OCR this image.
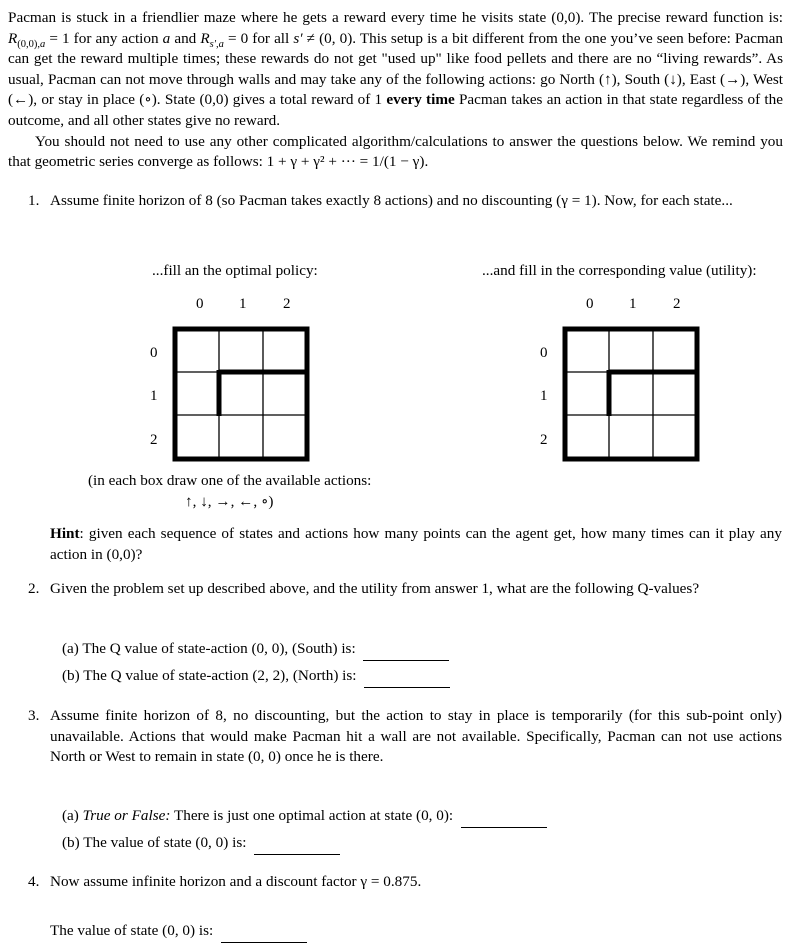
Pacman is stuck in a friendlier maze where he gets a reward every time he visits state (0,0). The precise reward function is: $R_{(0,0),a} = 1$ for any action a and $R_{s',a} = 0$ for all s′ ≠ (0, 0). This setup is a bit different from the one you’ve seen before: Pacman can get the reward multiple times; these rewards do not get "used up" like food pellets and there are no “living rewards”. As usual, Pacman can not move through walls and may take any of the following actions: go North (↑), South (↓), East (→), West (←), or stay in place (∘). State (0,0) gives a total reward of 1 every time Pacman takes an action in that state regardless of the outcome, and all other states give no reward.

You should not need to use any other complicated algorithm/calculations to answer the questions below. We remind you that geometric series converge as follows: 1 + γ + γ² + ··· = 1/(1 − γ).

1. Assume finite horizon of 8 (so Pacman takes exactly 8 actions) and no discounting (γ = 1). Now, for each state...
...fill an the optimal policy:	...and fill in the corresponding value (utility):
0 1 2
0
1
2
0 1 2
0
1
2
(in each box draw one of the available actions:
↑, ↓, →, ←, ∘)
Hint: given each sequence of states and actions how many points can the agent get, how many times can it play any action in (0,0)?
2. Given the problem set up described above, and the utility from answer 1, what are the following Q-values?
(a) The Q value of state-action (0, 0), (South) is:
(b) The Q value of state-action (2, 2), (North) is:
3. Assume finite horizon of 8, no discounting, but the action to stay in place is temporarily (for this sub-point only) unavailable. Actions that would make Pacman hit a wall are not available. Specifically, Pacman can not use actions North or West to remain in state (0, 0) once he is there.
(a) True or False: There is just one optimal action at state (0, 0):
(b) The value of state (0, 0) is:
4. Now assume infinite horizon and a discount factor γ = 0.875.
The value of state (0, 0) is:
